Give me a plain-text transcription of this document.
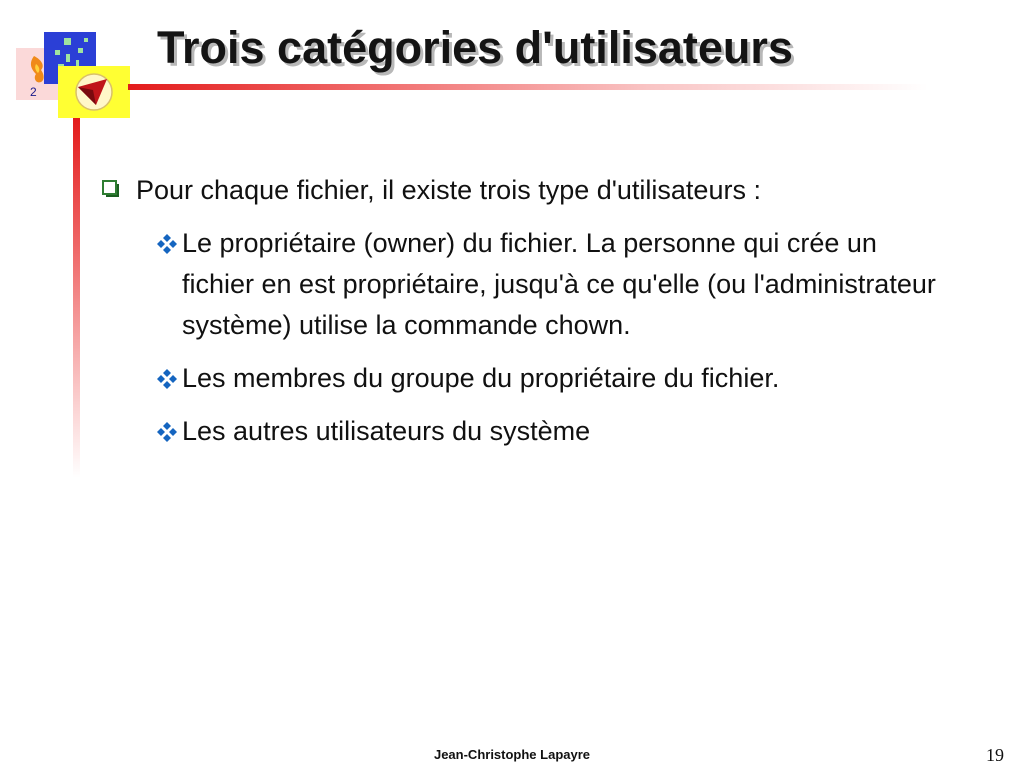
2
Trois catégories d'utilisateurs
Pour chaque fichier, il existe trois type d'utilisateurs :
Le propriétaire (owner) du fichier. La personne qui crée un fichier en est propriétaire, jusqu'à ce qu'elle (ou l'administrateur système) utilise la commande chown.
Les membres du groupe du propriétaire du fichier.
Les autres utilisateurs du système
Jean-Christophe Lapayre	19
